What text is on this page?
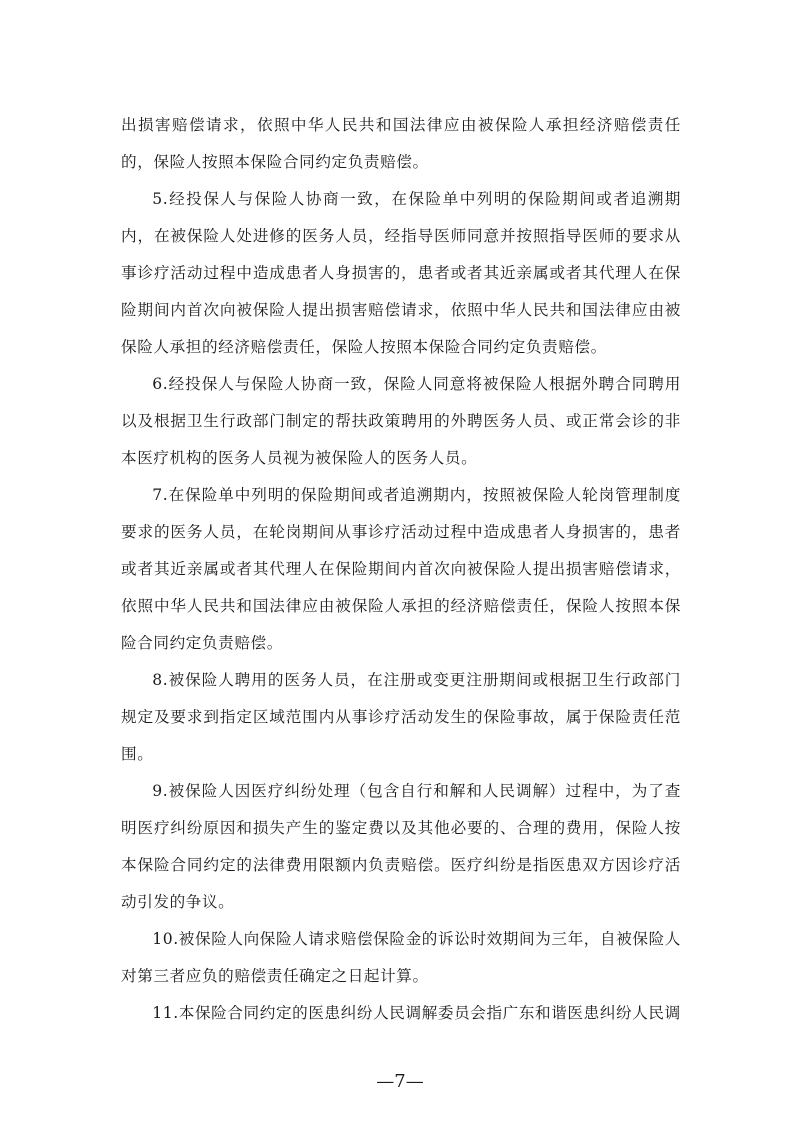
出损害赔偿请求，依照中华人民共和国法律应由被保险人承担经济赔偿责任的，保险人按照本保险合同约定负责赔偿。

5.经投保人与保险人协商一致，在保险单中列明的保险期间或者追溯期内，在被保险人处进修的医务人员，经指导医师同意并按照指导医师的要求从事诊疗活动过程中造成患者人身损害的，患者或者其近亲属或者其代理人在保险期间内首次向被保险人提出损害赔偿请求，依照中华人民共和国法律应由被保险人承担的经济赔偿责任，保险人按照本保险合同约定负责赔偿。

6.经投保人与保险人协商一致，保险人同意将被保险人根据外聘合同聘用以及根据卫生行政部门制定的帮扶政策聘用的外聘医务人员、或正常会诊的非本医疗机构的医务人员视为被保险人的医务人员。

7.在保险单中列明的保险期间或者追溯期内，按照被保险人轮岗管理制度要求的医务人员，在轮岗期间从事诊疗活动过程中造成患者人身损害的，患者或者其近亲属或者其代理人在保险期间内首次向被保险人提出损害赔偿请求，依照中华人民共和国法律应由被保险人承担的经济赔偿责任，保险人按照本保险合同约定负责赔偿。

8.被保险人聘用的医务人员，在注册或变更注册期间或根据卫生行政部门规定及要求到指定区域范围内从事诊疗活动发生的保险事故，属于保险责任范围。

9.被保险人因医疗纠纷处理（包含自行和解和人民调解）过程中，为了查明医疗纠纷原因和损失产生的鉴定费以及其他必要的、合理的费用，保险人按本保险合同约定的法律费用限额内负责赔偿。医疗纠纷是指医患双方因诊疗活动引发的争议。

10.被保险人向保险人请求赔偿保险金的诉讼时效期间为三年，自被保险人对第三者应负的赔偿责任确定之日起计算。

11.本保险合同约定的医患纠纷人民调解委员会指广东和谐医患纠纷人民调

—7—
